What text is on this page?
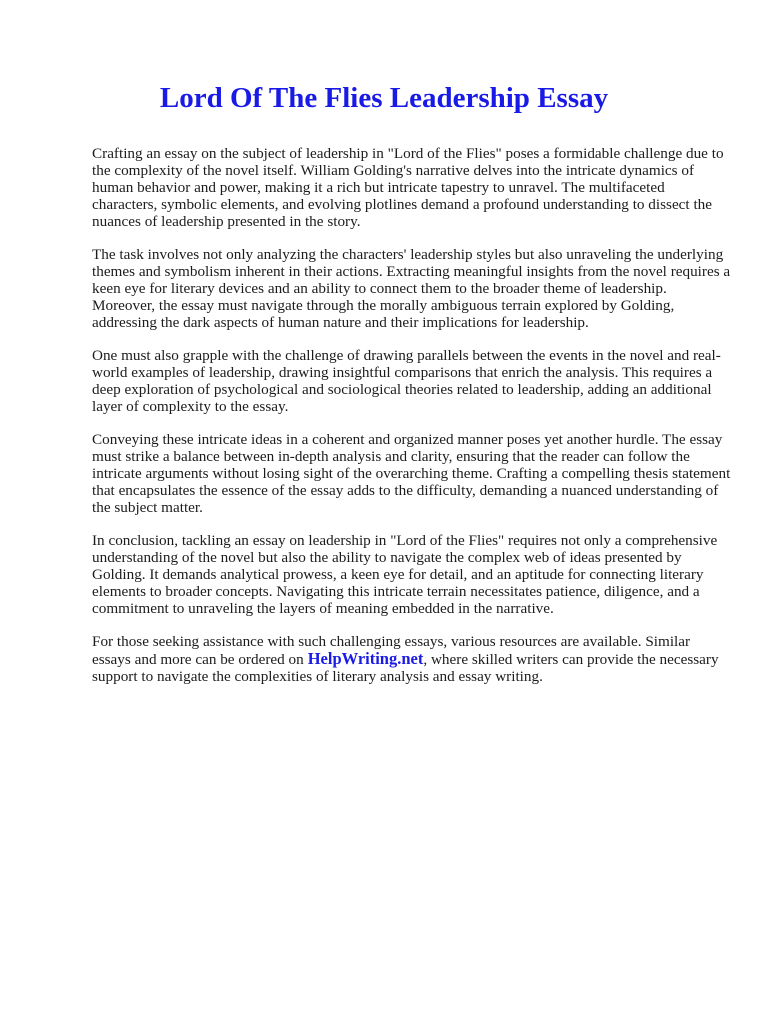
Lord Of The Flies Leadership Essay

Crafting an essay on the subject of leadership in "Lord of the Flies" poses a formidable challenge due to the complexity of the novel itself. William Golding's narrative delves into the intricate dynamics of human behavior and power, making it a rich but intricate tapestry to unravel. The multifaceted characters, symbolic elements, and evolving plotlines demand a profound understanding to dissect the nuances of leadership presented in the story.

The task involves not only analyzing the characters' leadership styles but also unraveling the underlying themes and symbolism inherent in their actions. Extracting meaningful insights from the novel requires a keen eye for literary devices and an ability to connect them to the broader theme of leadership. Moreover, the essay must navigate through the morally ambiguous terrain explored by Golding, addressing the dark aspects of human nature and their implications for leadership.

One must also grapple with the challenge of drawing parallels between the events in the novel and real-world examples of leadership, drawing insightful comparisons that enrich the analysis. This requires a deep exploration of psychological and sociological theories related to leadership, adding an additional layer of complexity to the essay.

Conveying these intricate ideas in a coherent and organized manner poses yet another hurdle. The essay must strike a balance between in-depth analysis and clarity, ensuring that the reader can follow the intricate arguments without losing sight of the overarching theme. Crafting a compelling thesis statement that encapsulates the essence of the essay adds to the difficulty, demanding a nuanced understanding of the subject matter.

In conclusion, tackling an essay on leadership in "Lord of the Flies" requires not only a comprehensive understanding of the novel but also the ability to navigate the complex web of ideas presented by Golding. It demands analytical prowess, a keen eye for detail, and an aptitude for connecting literary elements to broader concepts. Navigating this intricate terrain necessitates patience, diligence, and a commitment to unraveling the layers of meaning embedded in the narrative.

For those seeking assistance with such challenging essays, various resources are available. Similar essays and more can be ordered on HelpWriting.net, where skilled writers can provide the necessary support to navigate the complexities of literary analysis and essay writing.
